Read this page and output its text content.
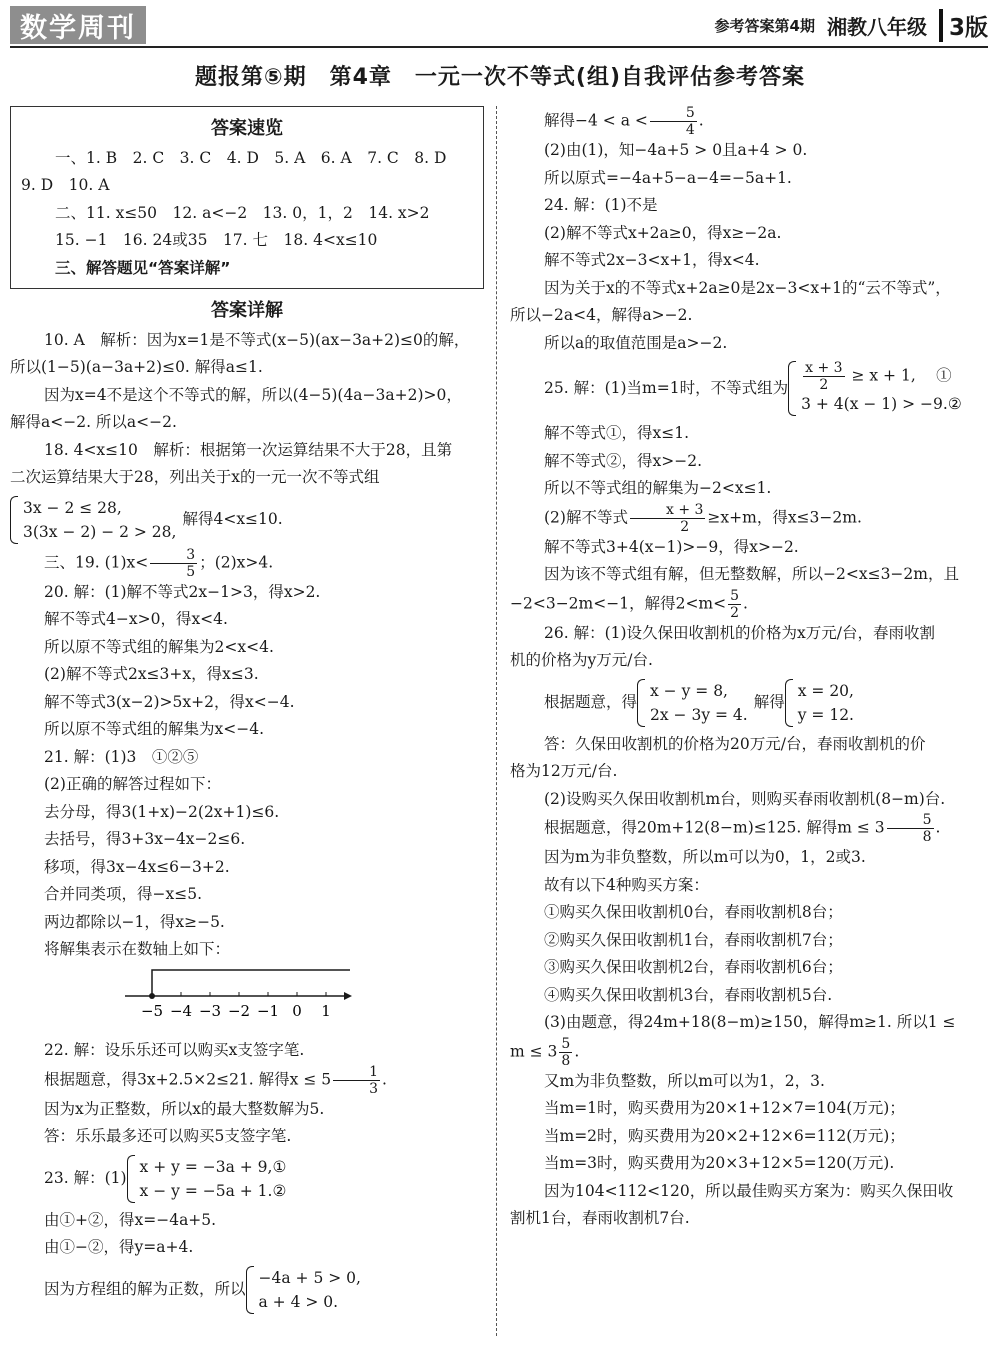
数学周刊	参考答案第4期 湘教八年级 3版
题报第⑤期　第4章　一元一次不等式(组)自我评估参考答案
答案速览
一、1. B　2. C　3. C　4. D　5. A　6. A　7. C　8. D
9. D　10. A
二、11. x≤50　12. a<−2　13. 0，1，2　14. x>2
15. −1　16. 24或35　17. 七　18. 4<x≤10
三、解答题见“答案详解”
答案详解
10. A　解析：因为x=1是不等式(x−5)(ax−3a+2)≤0的解，
所以(1−5)(a−3a+2)≤0. 解得a≤1.
因为x=4不是这个不等式的解，所以(4−5)(4a−3a+2)>0，
解得a<−2. 所以a<−2.
18. 4<x≤10　解析：根据第一次运算结果不大于28，且第
二次运算结果大于28，列出关于x的一元一次不等式组
3x − 2 ≤ 28,
3(3x − 2) − 2 > 28,
解得4<x≤10.
三、19. $(1)x< \frac{3}{5}$ ；(2)x>4.
20. 解：(1)解不等式2x−1>3，得x>2.
解不等式4−x>0，得x<4.
所以原不等式组的解集为2<x<4.
(2)解不等式2x≤3+x，得x≤3.
解不等式3(x−2)>5x+2，得x<−4.
所以原不等式组的解集为x<−4.
21. 解：(1)3　①②⑤
(2)正确的解答过程如下：
去分母，得3(1+x)−2(2x+1)≤6.
去括号，得3+3x−4x−2≤6.
移项，得3x−4x≤6−3+2.
合并同类项，得−x≤5.
两边都除以−1，得x≥−5.
将解集表示在数轴上如下：
−5 −4 −3 −2 −1 0 1
22. 解：设乐乐还可以购买x支签字笔.
根据题意，得3x+2.5×2≤21. 解得$x \le 5 \frac{1}{3}$ .
因为x为正整数，所以x的最大整数解为5.
答：乐乐最多还可以购买5支签字笔.
23. 解：(1)
x + y = −3a + 9,①
x − y = −5a + 1.②
由①+②，得x=−4a+5.
由①−②，得y=a+4.
因为方程组的解为正数，所以
−4a + 5 > 0,
a + 4 > 0.
解得$-4 < a < \frac{5}{4}$ .
(2)由(1)，知−4a+5 > 0且a+4 > 0.
所以原式=−4a+5−a−4=−5a+1.
24. 解：(1)不是
(2)解不等式x+2a≥0，得x≥−2a.
解不等式2x−3<x+1，得x<4.
因为关于x的不等式x+2a≥0是2x−3<x+1的“云不等式”，
所以−2a<4，解得a>−2.
所以a的取值范围是a>−2.
25. 解：(1)当m=1时，不等式组为 $\frac{x + 3}{2} \ge x + 1$,　 ①
3 + 4(x − 1) > −9.②
解不等式①，得x≤1.
解不等式②，得x>−2.
所以不等式组的解集为−2<x≤1.
(2)解不等式 $\frac{x + 3}{2} \ge x+m$，得x≤3−2m.
解不等式3+4(x−1)>−9，得x>−2.
因为该不等式组有解，但无整数解，所以−2<x≤3−2m，且
−2<3−2m<−1，解得$2<m< \frac{5}{2}$ .
26. 解：(1)设久保田收割机的价格为x万元/台，春雨收割
机的价格为y万元/台.
根据题意，得
x − y = 8,
2x − 3y = 4.
解得
x = 20,
y = 12.
答：久保田收割机的价格为20万元/台，春雨收割机的价
格为12万元/台.
(2)设购买久保田收割机m台，则购买春雨收割机(8−m)台.
根据题意，得20m+12(8−m)≤125. 解得$m \le 3 \frac{5}{8}$ .
因为m为非负整数，所以m可以为0，1，2或3.
故有以下4种购买方案：
①购买久保田收割机0台，春雨收割机8台；
②购买久保田收割机1台，春雨收割机7台；
③购买久保田收割机2台，春雨收割机6台；
④购买久保田收割机3台，春雨收割机5台.
(3)由题意，得24m+18(8−m)≥150，解得m≥1. 所以1 ≤
$m \le 3 \frac{5}{8}$ .
又m为非负整数，所以m可以为1，2，3.
当m=1时，购买费用为20×1+12×7=104(万元)；
当m=2时，购买费用为20×2+12×6=112(万元)；
当m=3时，购买费用为20×3+12×5=120(万元).
因为104<112<120，所以最佳购买方案为：购买久保田收
割机1台，春雨收割机7台.
